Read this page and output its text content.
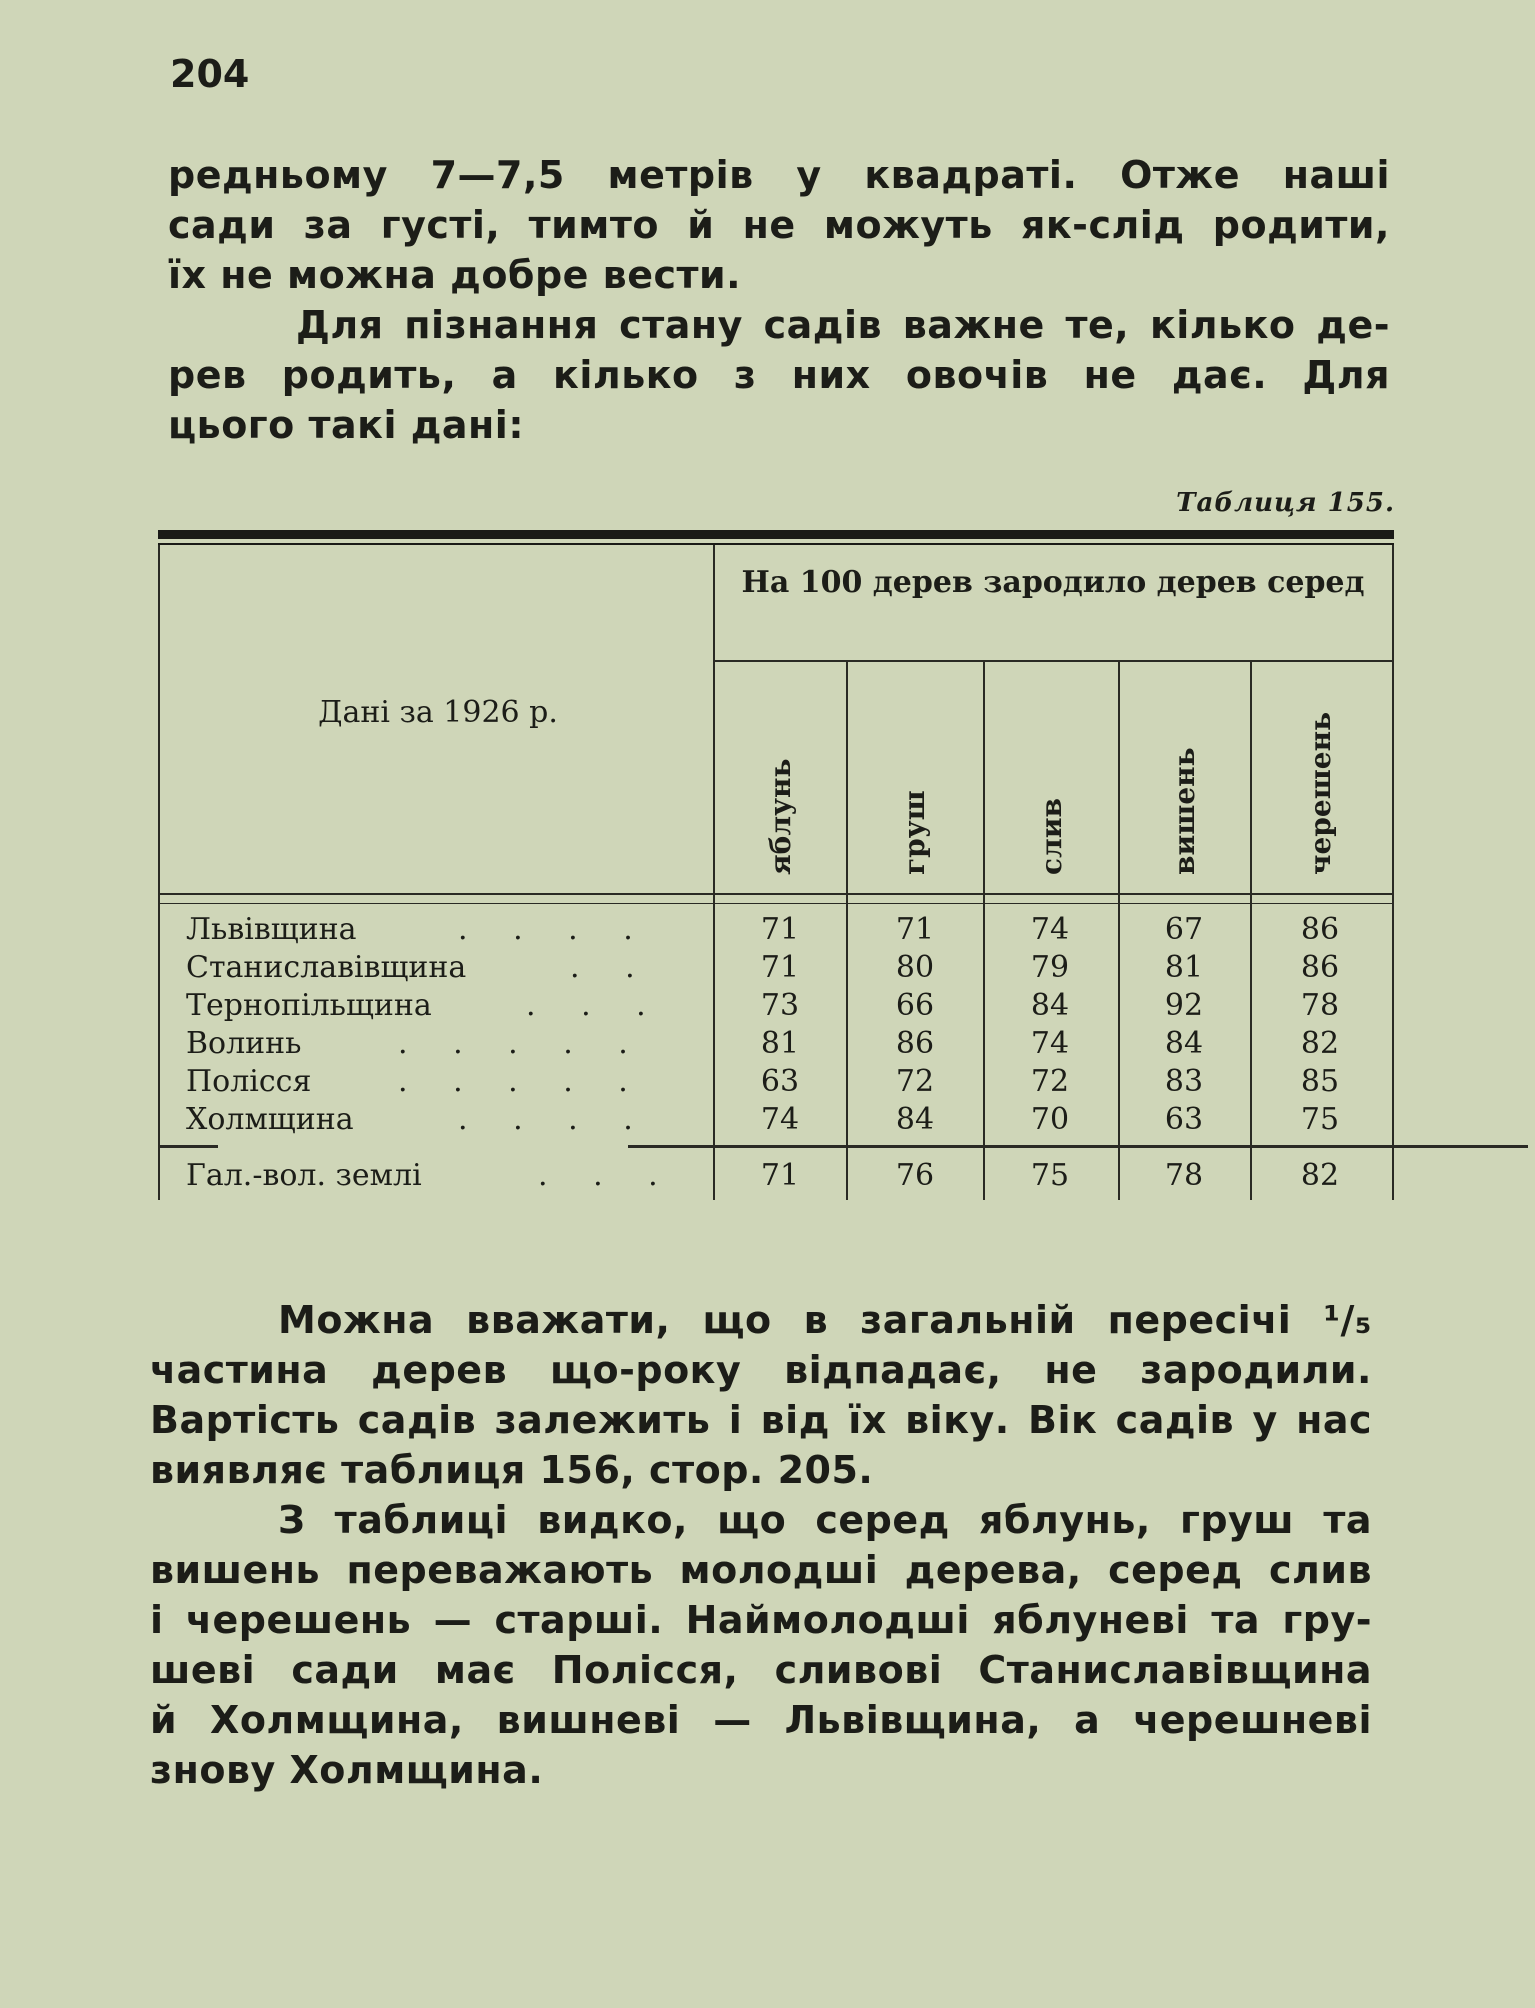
204
редньому 7—7,5 метрів у квадраті. Отже наші
сади за густі, тимто й не можуть як-слід родити,
їх не можна добре вести.
Для пізнання стану садів важне те, кілько де-
рев родить, а кілько з них овочів не дає. Для
цього такі дані:
Таблиця 155.
На 100 дерев зародило дерев серед
Дані за 1926 р.
яблунь	груш	слив	вишень	черешень
Львівщина	. . . .	71	71	74	67	86
Станиславівщина	. .	71	80	79	81	86
Тернопільщина	. . .	73	66	84	92	78
Волинь	. . . . .	81	86	74	84	82
Полісся	. . . . .	63	72	72	83	85
Холмщина	. . . .	74	84	70	63	75
Гал.-вол. землі	. . .	71	76	75	78	82
Можна вважати, що в загальній пересічі ¹/₅
частина дерев що-року відпадає, не зародили.
Вартість садів залежить і від їх віку. Вік садів у нас
виявляє таблиця 156, стор. 205.
З таблиці видко, що серед яблунь, груш та
вишень переважають молодші дерева, серед слив
і черешень — старші. Наймолодші яблуневі та гру-
шеві сади має Полісся, сливові Станиславівщина
й Холмщина, вишневі — Львівщина, а черешневі
знову Холмщина.
